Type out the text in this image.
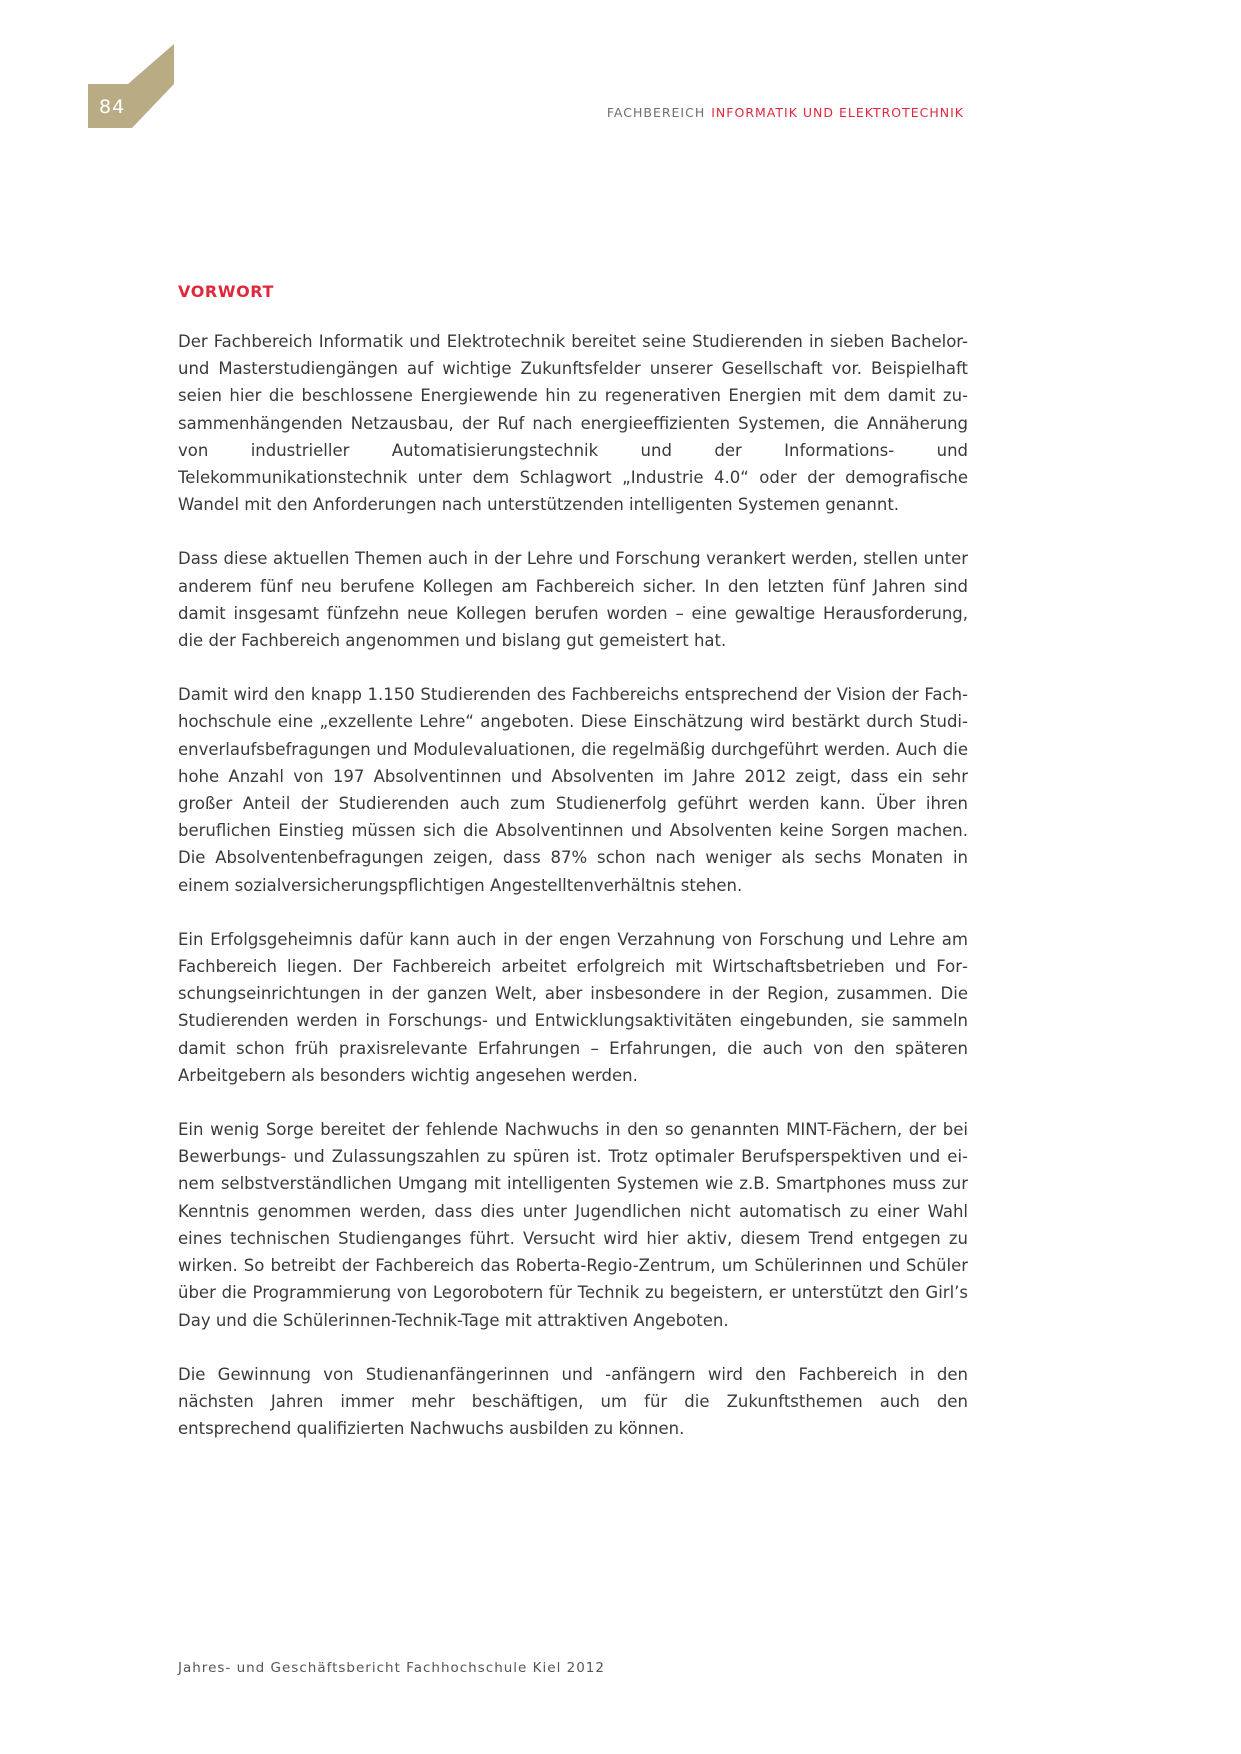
84	FACHBEREICH INFORMATIK UND ELEKTROTECHNIK
VORWORT

Der Fachbereich Informatik und Elektrotechnik bereitet seine Studierenden in sieben Bachelor- und Masterstudiengängen auf wichtige Zukunftsfelder unserer Gesellschaft vor. Beispielhaft seien hier die beschlossene Energiewende hin zu regenerativen Energien mit dem damit zusammenhängenden Netzausbau, der Ruf nach energieeffizienten Systemen, die Annäherung von industrieller Automatisierungstechnik und der Informations- und Telekommunikationstechnik unter dem Schlagwort „Industrie 4.0“ oder der demografische Wandel mit den Anforderungen nach unterstützenden intelligenten Systemen genannt.

Dass diese aktuellen Themen auch in der Lehre und Forschung verankert werden, stellen unter anderem fünf neu berufene Kollegen am Fachbereich sicher. In den letzten fünf Jahren sind damit insgesamt fünfzehn neue Kollegen berufen worden – eine gewaltige Herausforderung, die der Fachbereich angenommen und bislang gut gemeistert hat.

Damit wird den knapp 1.150 Studierenden des Fachbereichs entsprechend der Vision der Fachhochschule eine „exzellente Lehre“ angeboten. Diese Einschätzung wird bestärkt durch Studienverlaufsbefragungen und Modulevaluationen, die regelmäßig durchgeführt werden. Auch die hohe Anzahl von 197 Absolventinnen und Absolventen im Jahre 2012 zeigt, dass ein sehr großer Anteil der Studierenden auch zum Studienerfolg geführt werden kann. Über ihren beruflichen Einstieg müssen sich die Absolventinnen und Absolventen keine Sorgen machen. Die Absolventenbefragungen zeigen, dass 87% schon nach weniger als sechs Monaten in einem sozialversicherungspflichtigen Angestelltenverhältnis stehen.

Ein Erfolgsgeheimnis dafür kann auch in der engen Verzahnung von Forschung und Lehre am Fachbereich liegen. Der Fachbereich arbeitet erfolgreich mit Wirtschaftsbetrieben und Forschungseinrichtungen in der ganzen Welt, aber insbesondere in der Region, zusammen. Die Studierenden werden in Forschungs- und Entwicklungsaktivitäten eingebunden, sie sammeln damit schon früh praxisrelevante Erfahrungen – Erfahrungen, die auch von den späteren Arbeitgebern als besonders wichtig angesehen werden.

Ein wenig Sorge bereitet der fehlende Nachwuchs in den so genannten MINT-Fächern, der bei Bewerbungs- und Zulassungszahlen zu spüren ist. Trotz optimaler Berufsperspektiven und einem selbstverständlichen Umgang mit intelligenten Systemen wie z.B. Smartphones muss zur Kenntnis genommen werden, dass dies unter Jugendlichen nicht automatisch zu einer Wahl eines technischen Studienganges führt. Versucht wird hier aktiv, diesem Trend entgegen zu wirken. So betreibt der Fachbereich das Roberta-Regio-Zentrum, um Schülerinnen und Schüler über die Programmierung von Legorobotern für Technik zu begeistern, er unterstützt den Girl’s Day und die Schülerinnen-Technik-Tage mit attraktiven Angeboten.

Die Gewinnung von Studienanfängerinnen und -anfängern wird den Fachbereich in den nächsten Jahren immer mehr beschäftigen, um für die Zukunftsthemen auch den entsprechend qualifizierten Nachwuchs ausbilden zu können.

Jahres- und Geschäftsbericht Fachhochschule Kiel 2012
